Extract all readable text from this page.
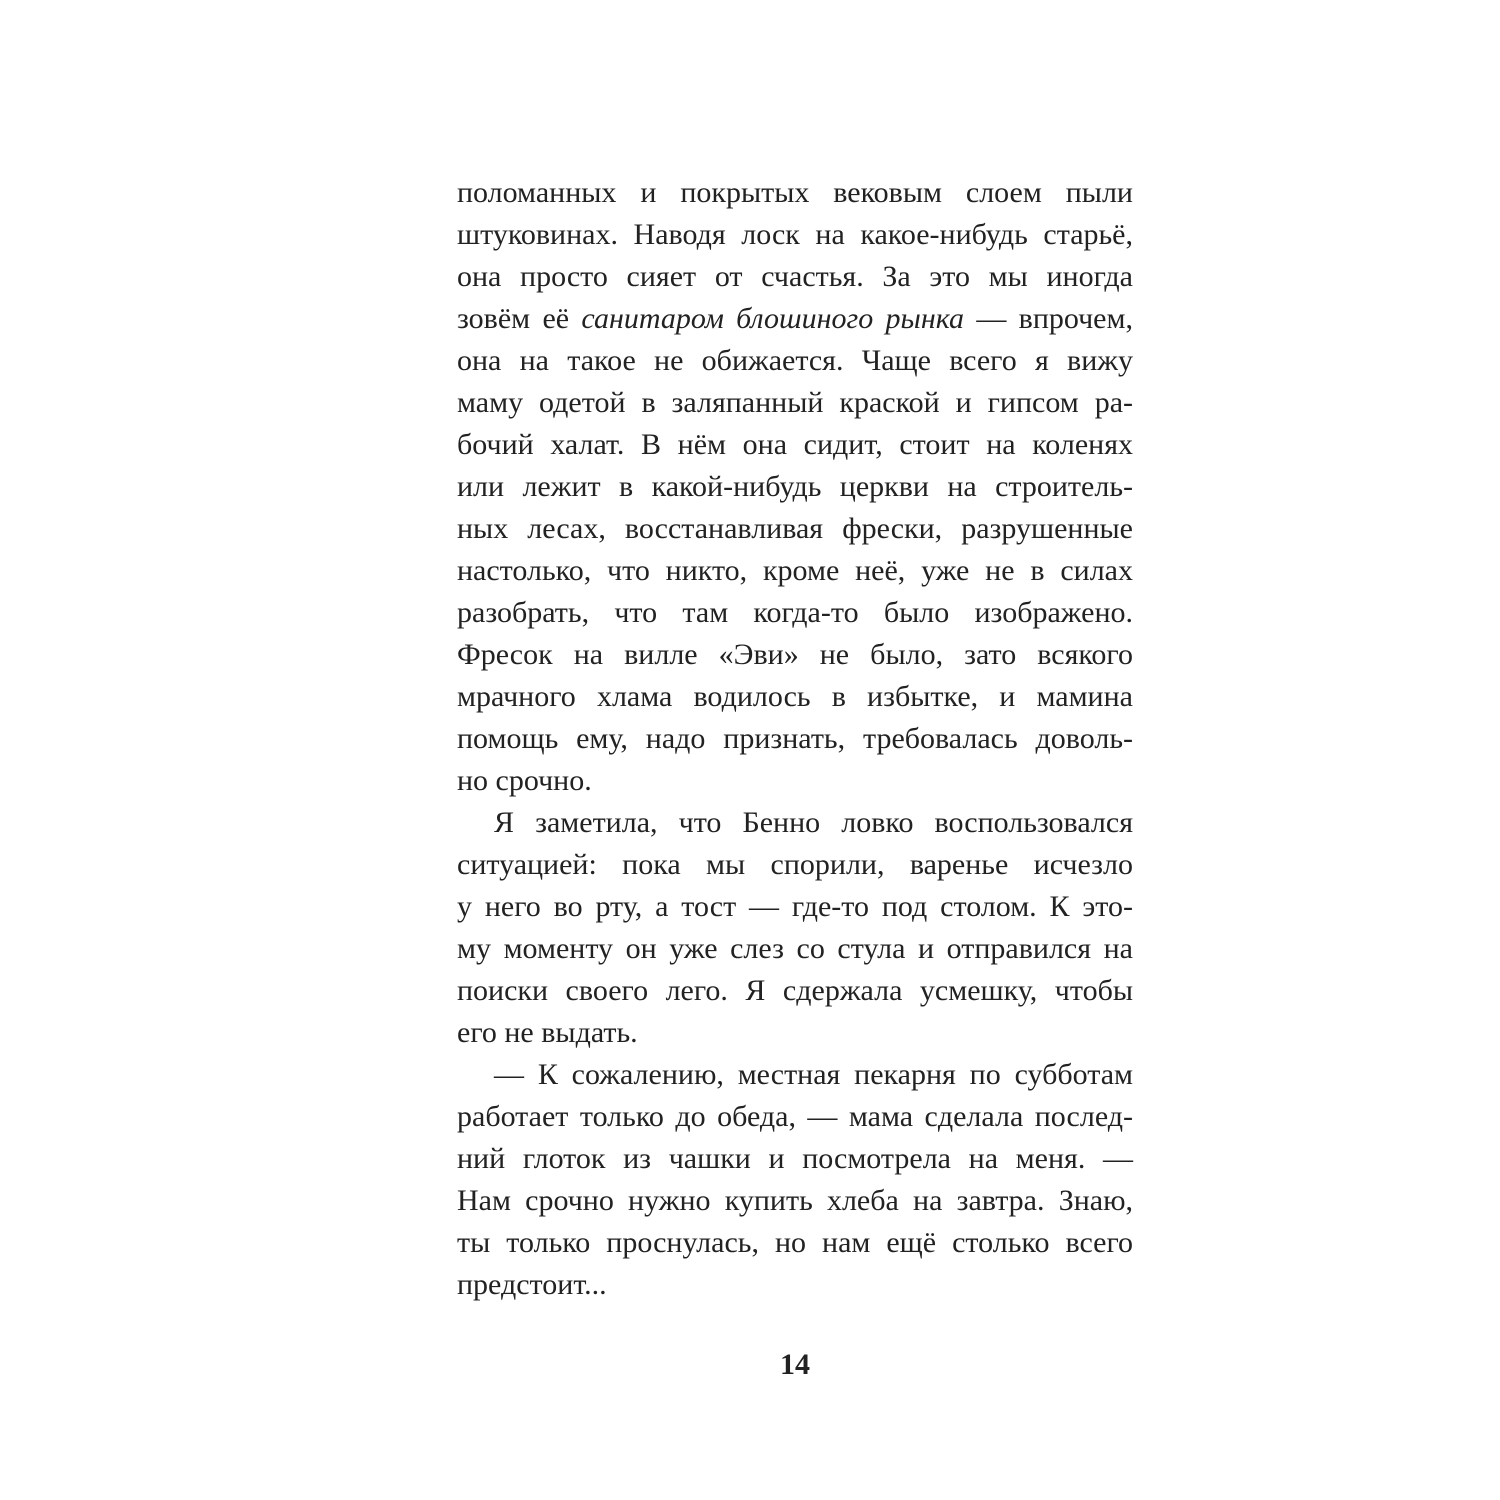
поломанных и покрытых вековым слоем пыли
штуковинах. Наводя лоск на какое-нибудь старьё,
она просто сияет от счастья. За это мы иногда
зовём её санитаром блошиного рынка — впрочем,
она на такое не обижается. Чаще всего я вижу
маму одетой в заляпанный краской и гипсом ра-
бочий халат. В нём она сидит, стоит на коленях
или лежит в какой-нибудь церкви на строитель-
ных лесах, восстанавливая фрески, разрушенные
настолько, что никто, кроме неё, уже не в силах
разобрать, что там когда-то было изображено.
Фресок на вилле «Эви» не было, зато всякого
мрачного хлама водилось в избытке, и мамина
помощь ему, надо признать, требовалась доволь-
но срочно.
Я заметила, что Бенно ловко воспользовался
ситуацией: пока мы спорили, варенье исчезло
у него во рту, а тост — где-то под столом. К это-
му моменту он уже слез со стула и отправился на
поиски своего лего. Я сдержала усмешку, чтобы
его не выдать.
— К сожалению, местная пекарня по субботам
работает только до обеда, — мама сделала послед-
ний глоток из чашки и посмотрела на меня. —
Нам срочно нужно купить хлеба на завтра. Знаю,
ты только проснулась, но нам ещё столько всего
предстоит...
14
